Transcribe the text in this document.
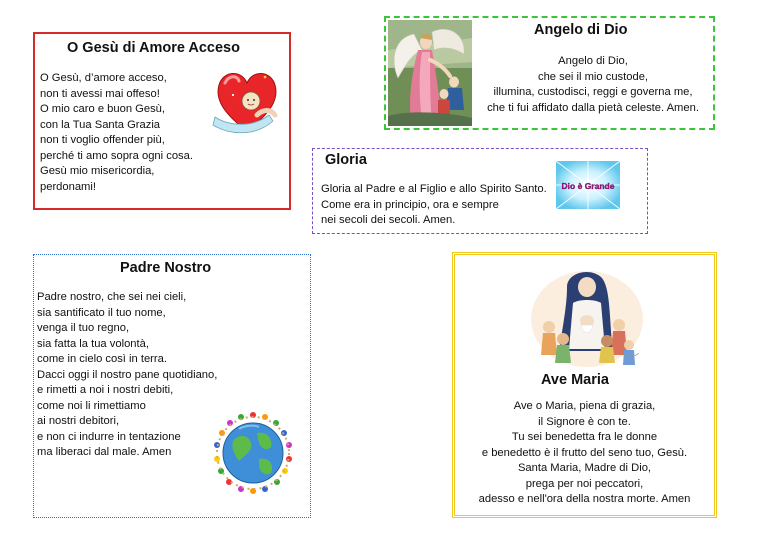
O Gesù di Amore Acceso
O Gesù, d’amore acceso,
non ti avessi mai offeso!
O mio caro e buon Gesù,
con la Tua Santa Grazia
non ti voglio offender più,
perché ti amo sopra ogni cosa.
Gesù mio misericordia,
perdonami!
Angelo di Dio
Angelo di Dio,
che sei il mio custode,
illumina, custodisci, reggi e governa me,
che ti fui affidato dalla pietà celeste. Amen.
Gloria
Gloria al Padre e al Figlio e allo Spirito Santo.
Come era in principio, ora e sempre
nei secoli dei secoli. Amen.
Dio è Grande
Padre Nostro
Padre nostro, che sei nei cieli,
sia santificato il tuo nome,
venga il tuo regno,
sia fatta la tua volontà,
come in cielo così in terra.
Dacci oggi il nostro pane quotidiano,
e rimetti a noi i nostri debiti,
come noi li rimettiamo
ai nostri debitori,
e non ci indurre in tentazione
ma liberaci dal male. Amen
Ave Maria
Ave o Maria, piena di grazia,
il Signore è con te.
Tu sei benedetta fra le donne
e benedetto è il frutto del seno tuo, Gesù.
Santa Maria, Madre di Dio,
prega per noi peccatori,
adesso e nell'ora della nostra morte. Amen
